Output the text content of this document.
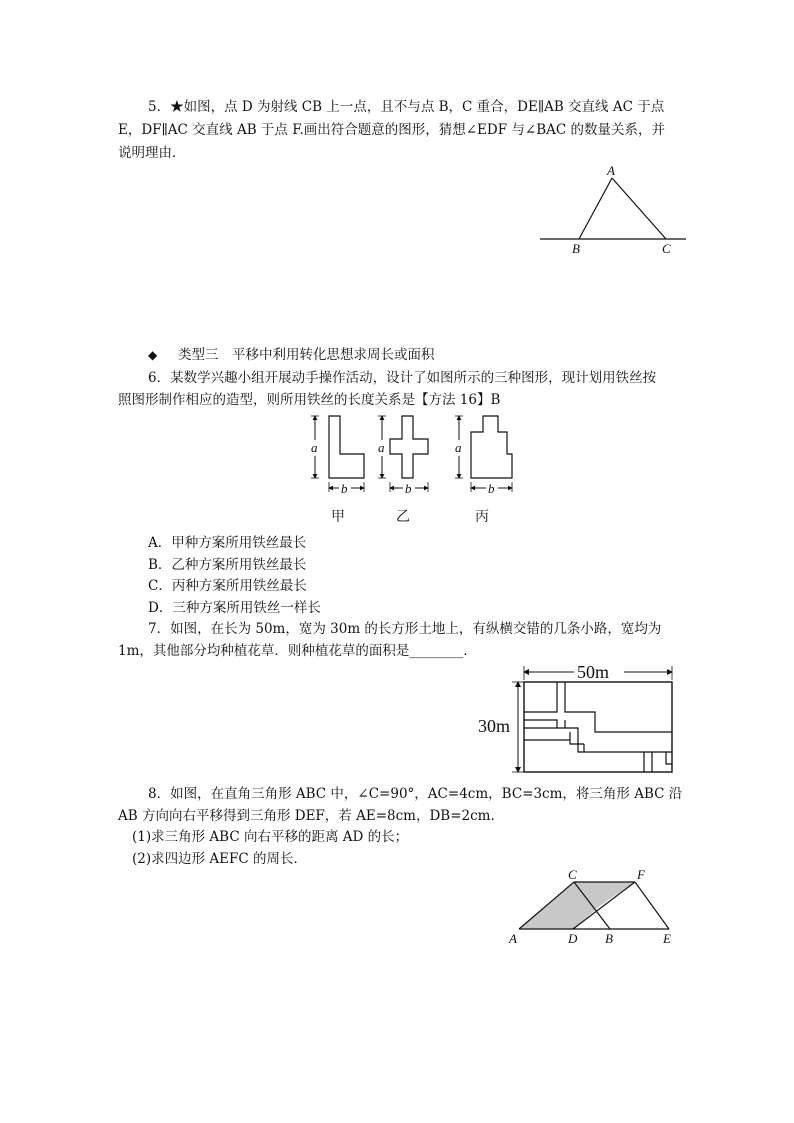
5．★如图，点 D 为射线 CB 上一点，且不与点 B，C 重合，DE∥AB 交直线 AC 于点
E，DF∥AC 交直线 AB 于点 F.画出符合题意的图形，猜想∠EDF 与∠BAC 的数量关系，并
说明理由．
A
B	C
◆ 类型三　平移中利用转化思想求周长或面积
6．某数学兴趣小组开展动手操作活动，设计了如图所示的三种图形，现计划用铁丝按
照图形制作相应的造型，则所用铁丝的长度关系是【方法 16】B
a
b
a
b
a
b
甲	乙	丙
A．甲种方案所用铁丝最长
B．乙种方案所用铁丝最长
C．丙种方案所用铁丝最长
D．三种方案所用铁丝一样长
7．如图，在长为 50m，宽为 30m 的长方形土地上，有纵横交错的几条小路，宽均为
1m，其他部分均种植花草．则种植花草的面积是________．
50m
30m
8．如图，在直角三角形 ABC 中，∠C=90°，AC=4cm，BC=3cm，将三角形 ABC 沿
AB 方向向右平移得到三角形 DEF，若 AE=8cm，DB=2cm.
(1)求三角形 ABC 向右平移的距离 AD 的长；
(2)求四边形 AEFC 的周长．
A	D B	E
C	F
